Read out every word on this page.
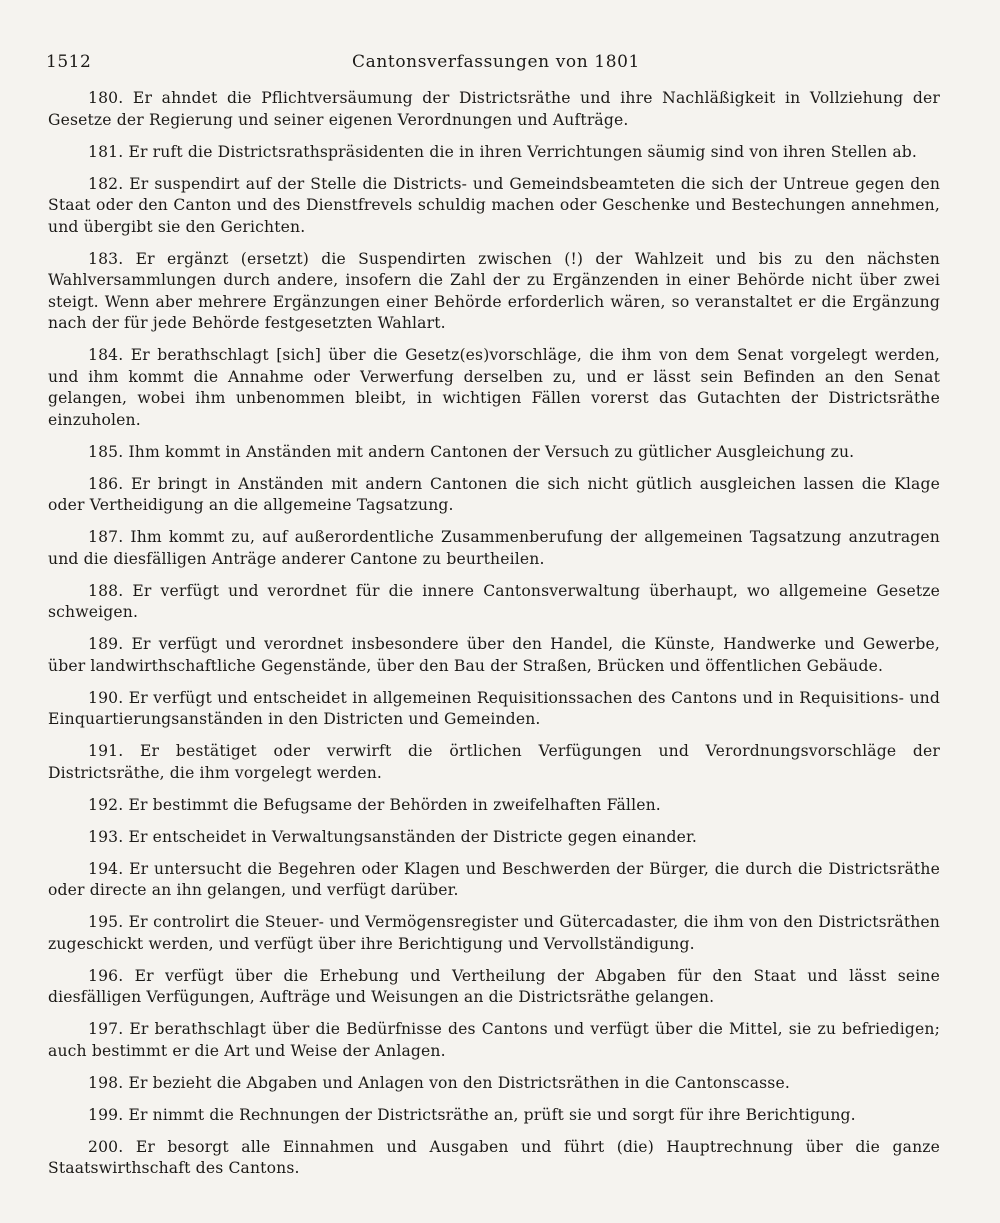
1512	Cantonsverfassungen von 1801

180. Er ahndet die Pflichtversäumung der Districtsräthe und ihre Nachläßigkeit in Vollziehung der Gesetze der Regierung und seiner eigenen Verordnungen und Aufträge.

181. Er ruft die Districtsrathspräsidenten die in ihren Verrichtungen säumig sind von ihren Stellen ab.

182. Er suspendirt auf der Stelle die Districts- und Gemeindsbeamteten die sich der Untreue gegen den Staat oder den Canton und des Dienstfrevels schuldig machen oder Geschenke und Bestechungen annehmen, und übergibt sie den Gerichten.

183. Er ergänzt (ersetzt) die Suspendirten zwischen (!) der Wahlzeit und bis zu den nächsten Wahlversammlungen durch andere, insofern die Zahl der zu Ergänzenden in einer Behörde nicht über zwei steigt. Wenn aber mehrere Ergänzungen einer Behörde erforderlich wären, so veranstaltet er die Ergänzung nach der für jede Behörde festgesetzten Wahlart.

184. Er berathschlagt [sich] über die Gesetz(es)vorschläge, die ihm von dem Senat vorgelegt werden, und ihm kommt die Annahme oder Verwerfung derselben zu, und er lässt sein Befinden an den Senat gelangen, wobei ihm unbenommen bleibt, in wichtigen Fällen vorerst das Gutachten der Districtsräthe einzuholen.

185. Ihm kommt in Anständen mit andern Cantonen der Versuch zu gütlicher Ausgleichung zu.

186. Er bringt in Anständen mit andern Cantonen die sich nicht gütlich ausgleichen lassen die Klage oder Vertheidigung an die allgemeine Tagsatzung.

187. Ihm kommt zu, auf außerordentliche Zusammenberufung der allgemeinen Tagsatzung anzutragen und die diesfälligen Anträge anderer Cantone zu beurtheilen.

188. Er verfügt und verordnet für die innere Cantonsverwaltung überhaupt, wo allgemeine Gesetze schweigen.

189. Er verfügt und verordnet insbesondere über den Handel, die Künste, Handwerke und Gewerbe, über landwirthschaftliche Gegenstände, über den Bau der Straßen, Brücken und öffentlichen Gebäude.

190. Er verfügt und entscheidet in allgemeinen Requisitionssachen des Cantons und in Requisitions- und Einquartierungsanständen in den Districten und Gemeinden.

191. Er bestätiget oder verwirft die örtlichen Verfügungen und Verordnungsvorschläge der Districtsräthe, die ihm vorgelegt werden.

192. Er bestimmt die Befugsame der Behörden in zweifelhaften Fällen.

193. Er entscheidet in Verwaltungsanständen der Districte gegen einander.

194. Er untersucht die Begehren oder Klagen und Beschwerden der Bürger, die durch die Districtsräthe oder directe an ihn gelangen, und verfügt darüber.

195. Er controlirt die Steuer- und Vermögensregister und Gütercadaster, die ihm von den Districtsräthen zugeschickt werden, und verfügt über ihre Berichtigung und Vervollständigung.

196. Er verfügt über die Erhebung und Vertheilung der Abgaben für den Staat und lässt seine diesfälligen Verfügungen, Aufträge und Weisungen an die Districtsräthe gelangen.

197. Er berathschlagt über die Bedürfnisse des Cantons und verfügt über die Mittel, sie zu befriedigen; auch bestimmt er die Art und Weise der Anlagen.

198. Er bezieht die Abgaben und Anlagen von den Districtsräthen in die Cantonscasse.

199. Er nimmt die Rechnungen der Districtsräthe an, prüft sie und sorgt für ihre Berichtigung.

200. Er besorgt alle Einnahmen und Ausgaben und führt (die) Hauptrechnung über die ganze Staatswirthschaft des Cantons.
